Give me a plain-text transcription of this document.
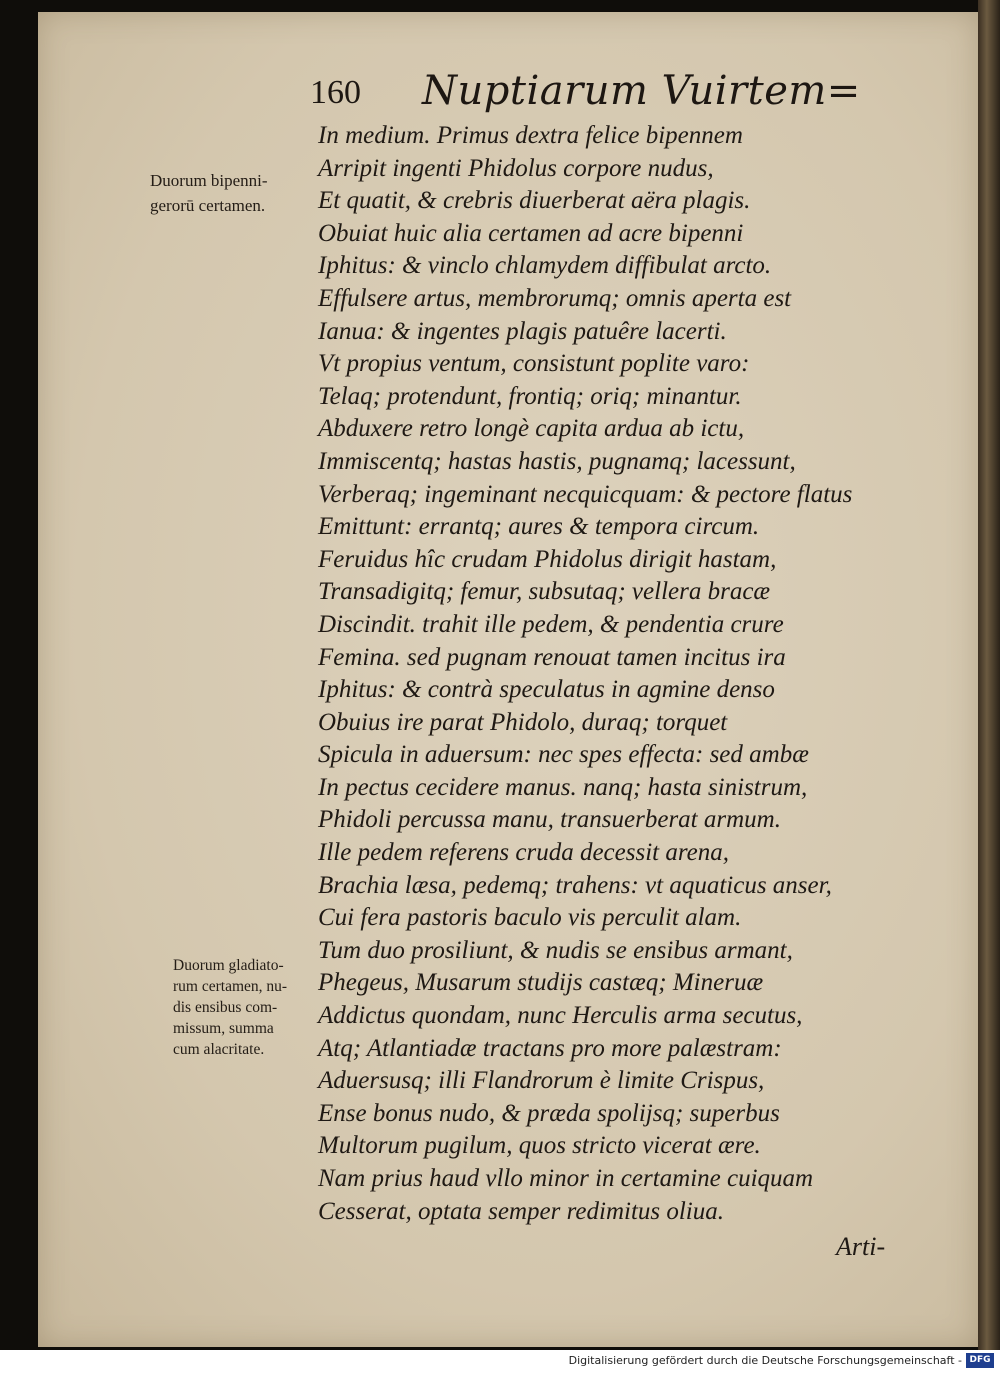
160 Nuptiarum Vuirtem=
In medium. Primus dextra felice bipennem
Arripit ingenti Phidolus corpore nudus,
Et quatit, & crebris diuerberat aëra plagis.
Obuiat huic alia certamen ad acre bipenni
Iphitus: & vinclo chlamydem diffibulat arcto.
Effulsere artus, membrorumq; omnis aperta est
Ianua: & ingentes plagis patuêre lacerti.
Vt propius ventum, consistunt poplite varo:
Telaq; protendunt, frontiq; oriq; minantur.
Abduxere retro longè capita ardua ab ictu,
Immiscentq; hastas hastis, pugnamq; lacessunt,
Verberaq; ingeminant necquicquam: & pectore flatus
Emittunt: errantq; aures & tempora circum.
Feruidus hîc crudam Phidolus dirigit hastam,
Transadigitq; femur, subsutaq; vellera bracæ
Discindit. trahit ille pedem, & pendentia crure
Femina. sed pugnam renouat tamen incitus ira
Iphitus: & contrà speculatus in agmine denso
Obuius ire parat Phidolo, duraq; torquet
Spicula in aduersum: nec spes effecta: sed ambæ
In pectus cecidere manus. nanq; hasta sinistrum,
Phidoli percussa manu, transuerberat armum.
Ille pedem referens cruda decessit arena,
Brachia læsa, pedemq; trahens: vt aquaticus anser,
Cui fera pastoris baculo vis perculit alam.
Tum duo prosiliunt, & nudis se ensibus armant,
Phegeus, Musarum studijs castæq; Mineruæ
Addictus quondam, nunc Herculis arma secutus,
Atq; Atlantiadæ tractans pro more palæstram:
Aduersusq; illi Flandrorum è limite Crispus,
Ense bonus nudo, & præda spolijsq; superbus
Multorum pugilum, quos stricto vicerat ære.
Nam prius haud vllo minor in certamine cuiquam
Cesserat, optata semper redimitus oliua.
Duorum bipenni-
gerorū certamen.
Duorum gladiato-
rum certamen, nu-
dis ensibus com-
missum, summa
cum alacritate.
Arti-
Digitalisierung gefördert durch die Deutsche Forschungsgemeinschaft - DFG
